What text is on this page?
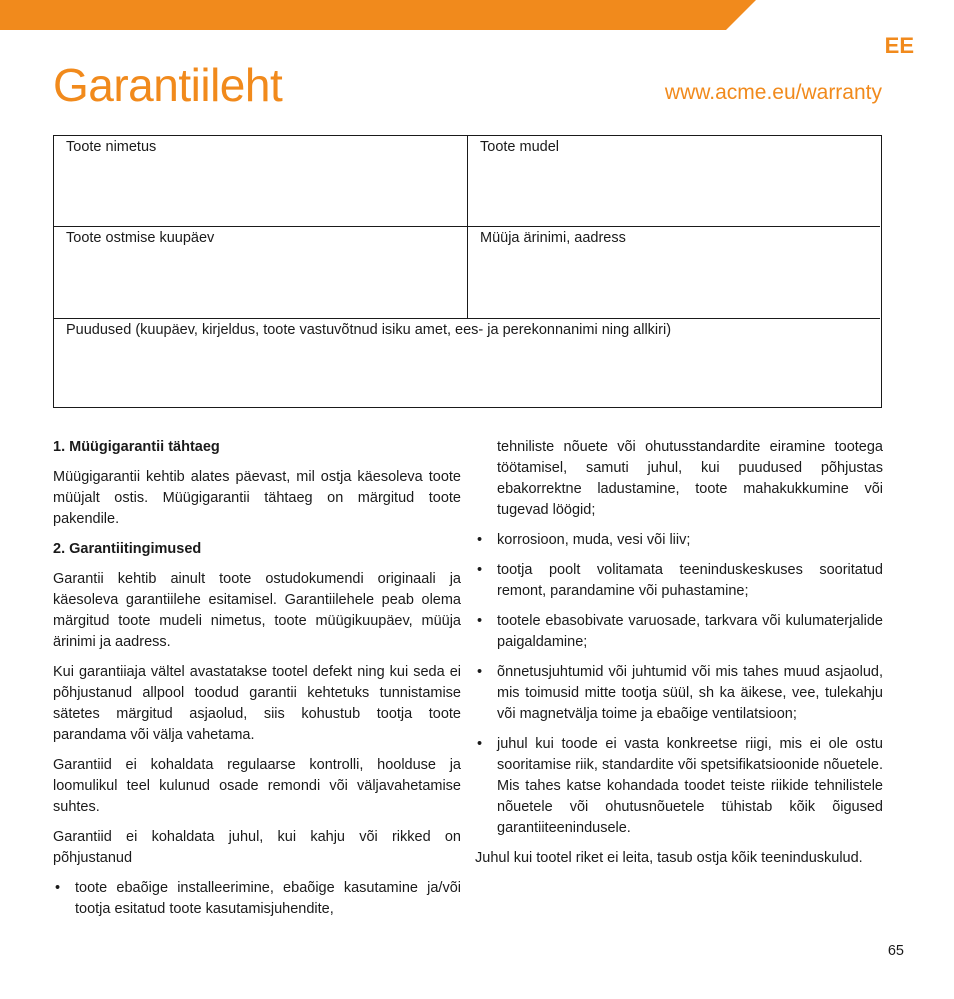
EE
Garantiileht	www.acme.eu/warranty
Toote nimetus	Toote mudel
Toote ostmise kuupäev	Müüja ärinimi, aadress
Puudused (kuupäev, kirjeldus, toote vastuvõtnud isiku amet, ees- ja perekonnanimi ning allkiri)
1. Müügigarantii tähtaeg

Müügigarantii kehtib alates päevast, mil ostja käesoleva toote müüjalt ostis. Müügigarantii tähtaeg on märgitud toote pakendile.

2. Garantiitingimused

Garantii kehtib ainult toote ostudokumendi originaali ja käesoleva garantiilehe esitamisel. Garantiilehele peab olema märgitud toote mudeli nimetus, toote müügikuupäev, müüja ärinimi ja aadress.

Kui garantiiaja vältel avastatakse tootel defekt ning kui seda ei põhjustanud allpool toodud garantii kehtetuks tunnistamise sätetes märgitud asjaolud, siis kohustub tootja toote parandama või välja vahetama.

Garantiid ei kohaldata regulaarse kontrolli, hoolduse ja loomulikul teel kulunud osade remondi või väljavahetamise suhtes.

Garantiid ei kohaldata juhul, kui kahju või rikked on põhjustanud

• toote ebaõige installeerimine, ebaõige kasutamine ja/või tootja esitatud toote kasutamisjuhendite,
tehniliste nõuete või ohutusstandardite eiramine tootega töötamisel, samuti juhul, kui puudused põhjustas ebakorrektne ladustamine, toote mahakukkumine või tugevad löögid;
• korrosioon, muda, vesi või liiv;
• tootja poolt volitamata teeninduskeskuses sooritatud remont, parandamine või puhastamine;
• tootele ebasobivate varuosade, tarkvara või kulumaterjalide paigaldamine;
• õnnetusjuhtumid või juhtumid või mis tahes muud asjaolud, mis toimusid mitte tootja süül, sh ka äikese, vee, tulekahju või magnetvälja toime ja ebaõige ventilatsioon;
• juhul kui toode ei vasta konkreetse riigi, mis ei ole ostu sooritamise riik, standardite või spetsifikatsioonide nõuetele. Mis tahes katse kohandada toodet teiste riikide tehnilistele nõuetele või ohutusnõuetele tühistab kõik õigused garantiiteenindusele.

Juhul kui tootel riket ei leita, tasub ostja kõik teeninduskulud.

65
